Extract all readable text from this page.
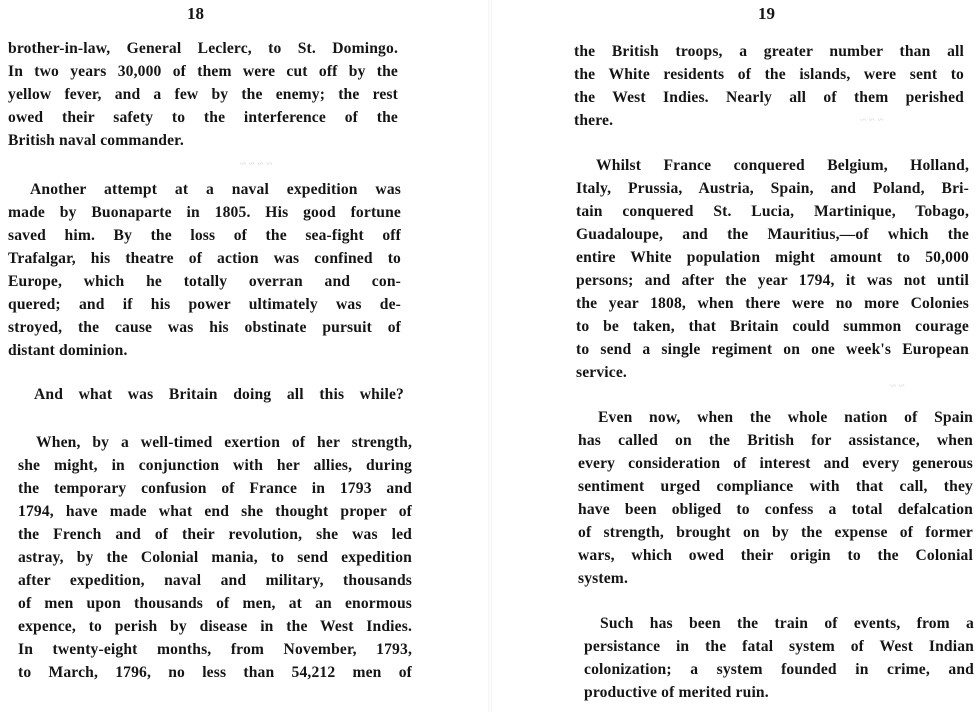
~ ~ ~ ~
~ ~ ~
~ ~
18
brother-in-law, General Leclerc, to St. Domingo.
In two years 30,000 of them were cut off by the
yellow fever, and a few by the enemy; the rest
owed their safety to the interference of the
British naval commander.
Another attempt at a naval expedition was
made by Buonaparte in 1805. His good fortune
saved him. By the loss of the sea-fight off
Trafalgar, his theatre of action was confined to
Europe, which he totally overran and con-
quered; and if his power ultimately was de-
stroyed, the cause was his obstinate pursuit of
distant dominion.
And what was Britain doing all this while?
When, by a well-timed exertion of her strength,
she might, in conjunction with her allies, during
the temporary confusion of France in 1793 and
1794, have made what end she thought proper of
the French and of their revolution, she was led
astray, by the Colonial mania, to send expedition
after expedition, naval and military, thousands
of men upon thousands of men, at an enormous
expence, to perish by disease in the West Indies.
In twenty-eight months, from November, 1793,
to March, 1796, no less than 54,212 men of
19
the British troops, a greater number than all
the White residents of the islands, were sent to
the West Indies. Nearly all of them perished
there.
Whilst France conquered Belgium, Holland,
Italy, Prussia, Austria, Spain, and Poland, Bri-
tain conquered St. Lucia, Martinique, Tobago,
Guadaloupe, and the Mauritius,—of which the
entire White population might amount to 50,000
persons; and after the year 1794, it was not until
the year 1808, when there were no more Colonies
to be taken, that Britain could summon courage
to send a single regiment on one week's European
service.
Even now, when the whole nation of Spain
has called on the British for assistance, when
every consideration of interest and every generous
sentiment urged compliance with that call, they
have been obliged to confess a total defalcation
of strength, brought on by the expense of former
wars, which owed their origin to the Colonial
system.
Such has been the train of events, from a
persistance in the fatal system of West Indian
colonization; a system founded in crime, and
productive of merited ruin.
